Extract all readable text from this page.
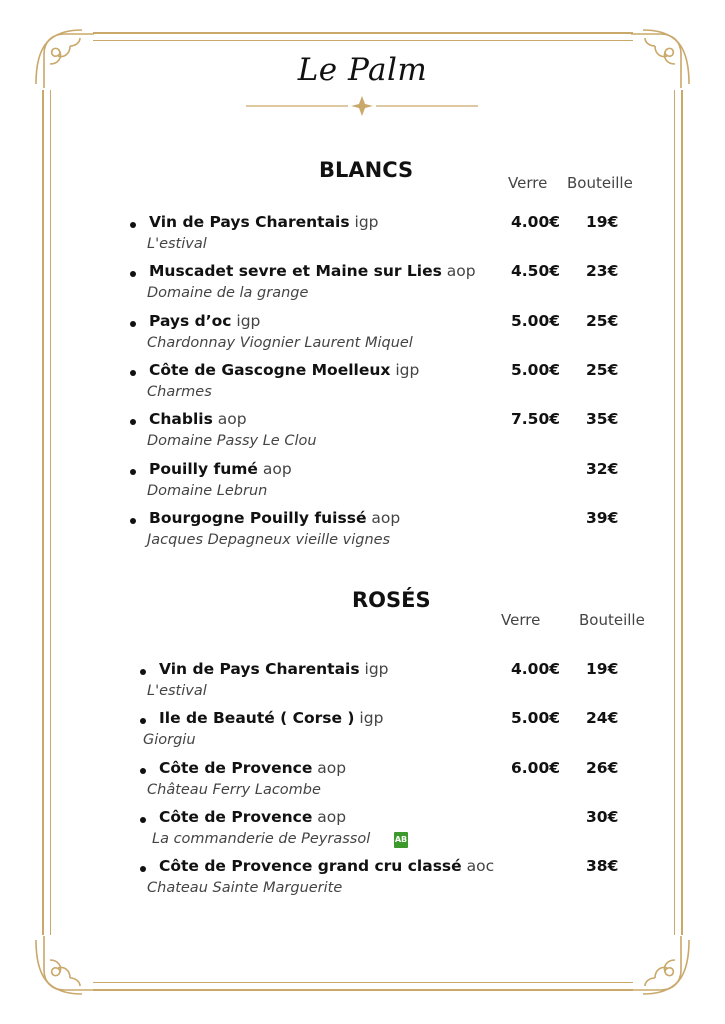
Le Palm
BLANCS
Verre Bouteille
Vin de Pays Charentais igp
L'estival
4.00€ 19€
Muscadet sevre et Maine sur Lies aop
Domaine de la grange
4.50€ 23€
Pays d’oc igp
Chardonnay Viognier Laurent Miquel
5.00€ 25€
Côte de Gascogne Moelleux igp
Charmes
5.00€ 25€
Chablis aop
Domaine Passy Le Clou
7.50€ 35€
Pouilly fumé aop
Domaine Lebrun
32€
Bourgogne Pouilly fuissé aop
Jacques Depagneux vieille vignes
39€
ROSÉS
Verre	Bouteille
Vin de Pays Charentais igp
L'estival
4.00€ 19€
Ile de Beauté ( Corse ) igp
Giorgiu
5.00€ 24€
Côte de Provence aop
Château Ferry Lacombe
6.00€ 26€
Côte de Provence aop
La commanderie de Peyrassol	AB
30€
Côte de Provence grand cru classé aoc
Chateau Sainte Marguerite
38€
